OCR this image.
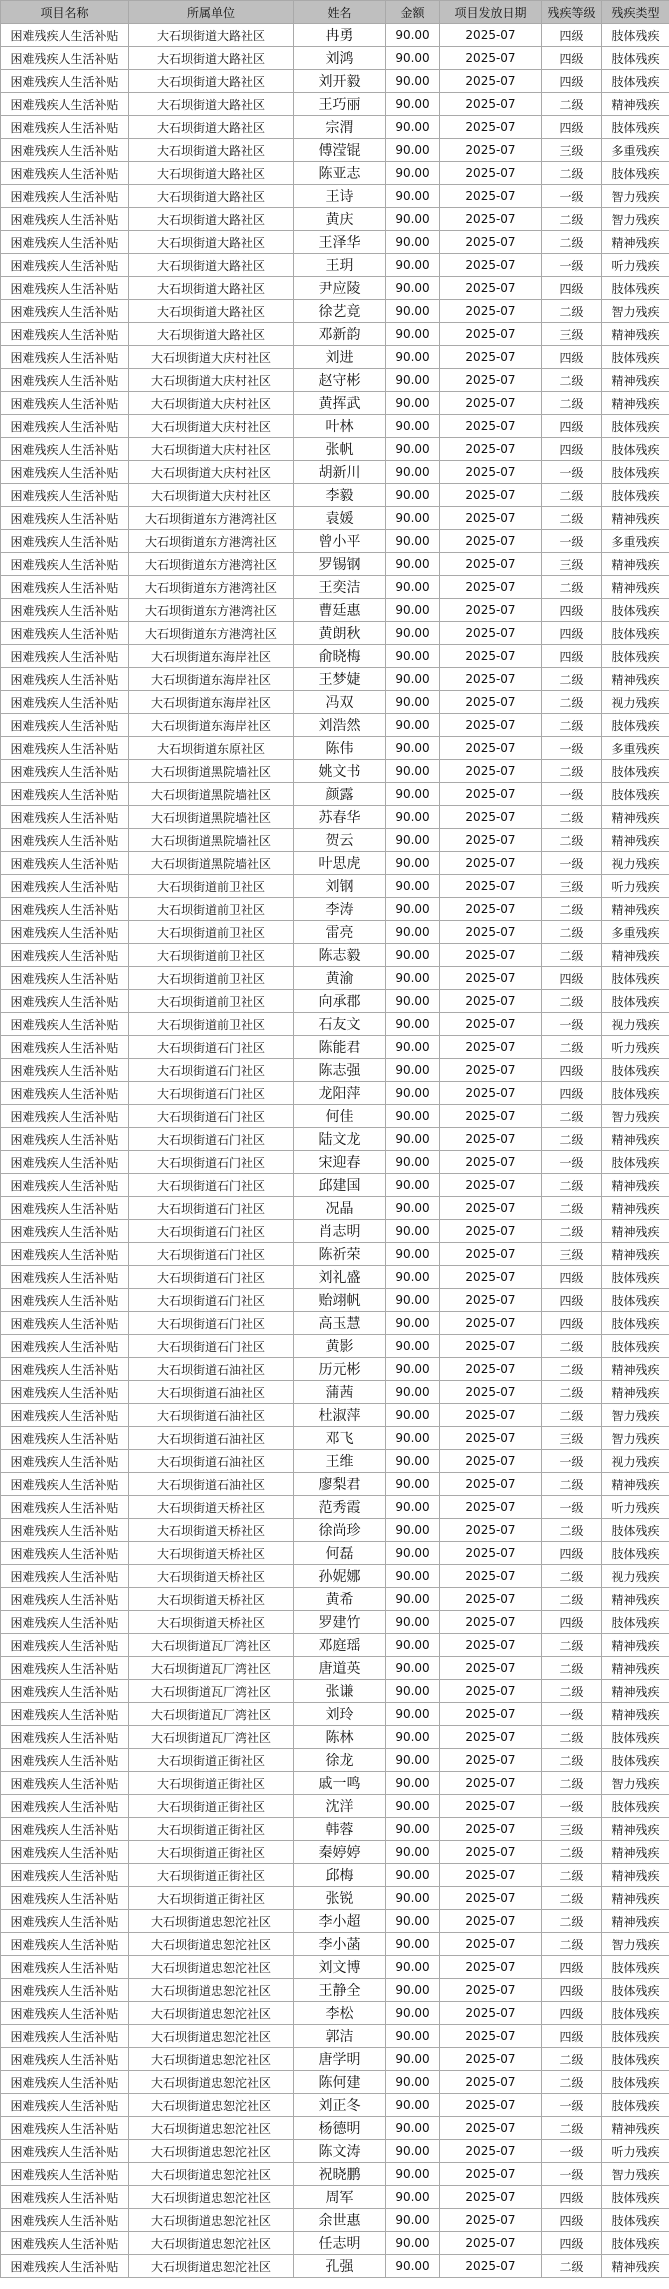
项目名称	所属单位	姓名	金额	项目发放日期	残疾等级	残疾类型
困难残疾人生活补贴	大石坝街道大路社区	冉勇	90.00	2025-07	四级	肢体残疾
困难残疾人生活补贴	大石坝街道大路社区	刘鸿	90.00	2025-07	四级	肢体残疾
困难残疾人生活补贴	大石坝街道大路社区	刘开毅	90.00	2025-07	四级	肢体残疾
困难残疾人生活补贴	大石坝街道大路社区	王巧丽	90.00	2025-07	二级	精神残疾
困难残疾人生活补贴	大石坝街道大路社区	宗渭	90.00	2025-07	四级	肢体残疾
困难残疾人生活补贴	大石坝街道大路社区	傅滢锟	90.00	2025-07	三级	多重残疾
困难残疾人生活补贴	大石坝街道大路社区	陈亚志	90.00	2025-07	二级	肢体残疾
困难残疾人生活补贴	大石坝街道大路社区	王诗	90.00	2025-07	一级	智力残疾
困难残疾人生活补贴	大石坝街道大路社区	黄庆	90.00	2025-07	二级	智力残疾
困难残疾人生活补贴	大石坝街道大路社区	王泽华	90.00	2025-07	二级	精神残疾
困难残疾人生活补贴	大石坝街道大路社区	王玥	90.00	2025-07	一级	听力残疾
困难残疾人生活补贴	大石坝街道大路社区	尹应陵	90.00	2025-07	四级	肢体残疾
困难残疾人生活补贴	大石坝街道大路社区	徐艺竟	90.00	2025-07	二级	智力残疾
困难残疾人生活补贴	大石坝街道大路社区	邓新韵	90.00	2025-07	三级	精神残疾
困难残疾人生活补贴	大石坝街道大庆村社区	刘进	90.00	2025-07	四级	肢体残疾
困难残疾人生活补贴	大石坝街道大庆村社区	赵守彬	90.00	2025-07	二级	精神残疾
困难残疾人生活补贴	大石坝街道大庆村社区	黄挥武	90.00	2025-07	二级	精神残疾
困难残疾人生活补贴	大石坝街道大庆村社区	叶林	90.00	2025-07	四级	肢体残疾
困难残疾人生活补贴	大石坝街道大庆村社区	张帆	90.00	2025-07	四级	肢体残疾
困难残疾人生活补贴	大石坝街道大庆村社区	胡新川	90.00	2025-07	一级	肢体残疾
困难残疾人生活补贴	大石坝街道大庆村社区	李毅	90.00	2025-07	二级	肢体残疾
困难残疾人生活补贴	大石坝街道东方港湾社区	袁媛	90.00	2025-07	二级	精神残疾
困难残疾人生活补贴	大石坝街道东方港湾社区	曾小平	90.00	2025-07	一级	多重残疾
困难残疾人生活补贴	大石坝街道东方港湾社区	罗锡钢	90.00	2025-07	三级	精神残疾
困难残疾人生活补贴	大石坝街道东方港湾社区	王奕洁	90.00	2025-07	二级	精神残疾
困难残疾人生活补贴	大石坝街道东方港湾社区	曹廷惠	90.00	2025-07	四级	肢体残疾
困难残疾人生活补贴	大石坝街道东方港湾社区	黄朗秋	90.00	2025-07	四级	肢体残疾
困难残疾人生活补贴	大石坝街道东海岸社区	俞晓梅	90.00	2025-07	四级	肢体残疾
困难残疾人生活补贴	大石坝街道东海岸社区	王梦婕	90.00	2025-07	二级	精神残疾
困难残疾人生活补贴	大石坝街道东海岸社区	冯双	90.00	2025-07	二级	视力残疾
困难残疾人生活补贴	大石坝街道东海岸社区	刘浩然	90.00	2025-07	二级	肢体残疾
困难残疾人生活补贴	大石坝街道东原社区	陈伟	90.00	2025-07	一级	多重残疾
困难残疾人生活补贴	大石坝街道黑院墙社区	姚文书	90.00	2025-07	二级	肢体残疾
困难残疾人生活补贴	大石坝街道黑院墙社区	颜露	90.00	2025-07	一级	肢体残疾
困难残疾人生活补贴	大石坝街道黑院墙社区	苏春华	90.00	2025-07	二级	精神残疾
困难残疾人生活补贴	大石坝街道黑院墙社区	贺云	90.00	2025-07	二级	精神残疾
困难残疾人生活补贴	大石坝街道黑院墙社区	叶思虎	90.00	2025-07	一级	视力残疾
困难残疾人生活补贴	大石坝街道前卫社区	刘钢	90.00	2025-07	三级	听力残疾
困难残疾人生活补贴	大石坝街道前卫社区	李涛	90.00	2025-07	二级	精神残疾
困难残疾人生活补贴	大石坝街道前卫社区	雷亮	90.00	2025-07	二级	多重残疾
困难残疾人生活补贴	大石坝街道前卫社区	陈志毅	90.00	2025-07	二级	精神残疾
困难残疾人生活补贴	大石坝街道前卫社区	黄渝	90.00	2025-07	四级	肢体残疾
困难残疾人生活补贴	大石坝街道前卫社区	向承郡	90.00	2025-07	二级	肢体残疾
困难残疾人生活补贴	大石坝街道前卫社区	石友文	90.00	2025-07	一级	视力残疾
困难残疾人生活补贴	大石坝街道石门社区	陈能君	90.00	2025-07	二级	听力残疾
困难残疾人生活补贴	大石坝街道石门社区	陈志强	90.00	2025-07	四级	肢体残疾
困难残疾人生活补贴	大石坝街道石门社区	龙阳萍	90.00	2025-07	四级	肢体残疾
困难残疾人生活补贴	大石坝街道石门社区	何佳	90.00	2025-07	二级	智力残疾
困难残疾人生活补贴	大石坝街道石门社区	陆文龙	90.00	2025-07	二级	精神残疾
困难残疾人生活补贴	大石坝街道石门社区	宋迎春	90.00	2025-07	一级	肢体残疾
困难残疾人生活补贴	大石坝街道石门社区	邱建国	90.00	2025-07	二级	精神残疾
困难残疾人生活补贴	大石坝街道石门社区	况晶	90.00	2025-07	二级	精神残疾
困难残疾人生活补贴	大石坝街道石门社区	肖志明	90.00	2025-07	二级	精神残疾
困难残疾人生活补贴	大石坝街道石门社区	陈祈荣	90.00	2025-07	三级	精神残疾
困难残疾人生活补贴	大石坝街道石门社区	刘礼盛	90.00	2025-07	四级	肢体残疾
困难残疾人生活补贴	大石坝街道石门社区	贻翊帆	90.00	2025-07	四级	肢体残疾
困难残疾人生活补贴	大石坝街道石门社区	高玉慧	90.00	2025-07	四级	肢体残疾
困难残疾人生活补贴	大石坝街道石门社区	黄影	90.00	2025-07	二级	肢体残疾
困难残疾人生活补贴	大石坝街道石油社区	历元彬	90.00	2025-07	二级	精神残疾
困难残疾人生活补贴	大石坝街道石油社区	蒲茜	90.00	2025-07	二级	精神残疾
困难残疾人生活补贴	大石坝街道石油社区	杜淑萍	90.00	2025-07	二级	智力残疾
困难残疾人生活补贴	大石坝街道石油社区	邓飞	90.00	2025-07	三级	智力残疾
困难残疾人生活补贴	大石坝街道石油社区	王维	90.00	2025-07	一级	视力残疾
困难残疾人生活补贴	大石坝街道石油社区	廖梨君	90.00	2025-07	二级	精神残疾
困难残疾人生活补贴	大石坝街道天桥社区	范秀霞	90.00	2025-07	一级	听力残疾
困难残疾人生活补贴	大石坝街道天桥社区	徐尚珍	90.00	2025-07	二级	肢体残疾
困难残疾人生活补贴	大石坝街道天桥社区	何磊	90.00	2025-07	四级	肢体残疾
困难残疾人生活补贴	大石坝街道天桥社区	孙妮娜	90.00	2025-07	二级	视力残疾
困难残疾人生活补贴	大石坝街道天桥社区	黄希	90.00	2025-07	二级	精神残疾
困难残疾人生活补贴	大石坝街道天桥社区	罗建竹	90.00	2025-07	四级	肢体残疾
困难残疾人生活补贴	大石坝街道瓦厂湾社区	邓庭瑶	90.00	2025-07	二级	精神残疾
困难残疾人生活补贴	大石坝街道瓦厂湾社区	唐道英	90.00	2025-07	二级	精神残疾
困难残疾人生活补贴	大石坝街道瓦厂湾社区	张谦	90.00	2025-07	二级	精神残疾
困难残疾人生活补贴	大石坝街道瓦厂湾社区	刘玲	90.00	2025-07	一级	精神残疾
困难残疾人生活补贴	大石坝街道瓦厂湾社区	陈林	90.00	2025-07	二级	肢体残疾
困难残疾人生活补贴	大石坝街道正街社区	徐龙	90.00	2025-07	二级	肢体残疾
困难残疾人生活补贴	大石坝街道正街社区	戚一鸣	90.00	2025-07	二级	智力残疾
困难残疾人生活补贴	大石坝街道正街社区	沈洋	90.00	2025-07	一级	肢体残疾
困难残疾人生活补贴	大石坝街道正街社区	韩蓉	90.00	2025-07	三级	精神残疾
困难残疾人生活补贴	大石坝街道正街社区	秦婷婷	90.00	2025-07	二级	精神残疾
困难残疾人生活补贴	大石坝街道正街社区	邱梅	90.00	2025-07	二级	精神残疾
困难残疾人生活补贴	大石坝街道正街社区	张锐	90.00	2025-07	二级	精神残疾
困难残疾人生活补贴	大石坝街道忠恕沱社区	李小超	90.00	2025-07	二级	精神残疾
困难残疾人生活补贴	大石坝街道忠恕沱社区	李小菡	90.00	2025-07	二级	智力残疾
困难残疾人生活补贴	大石坝街道忠恕沱社区	刘文博	90.00	2025-07	四级	肢体残疾
困难残疾人生活补贴	大石坝街道忠恕沱社区	王静全	90.00	2025-07	四级	肢体残疾
困难残疾人生活补贴	大石坝街道忠恕沱社区	李松	90.00	2025-07	四级	肢体残疾
困难残疾人生活补贴	大石坝街道忠恕沱社区	郭洁	90.00	2025-07	四级	肢体残疾
困难残疾人生活补贴	大石坝街道忠恕沱社区	唐学明	90.00	2025-07	二级	肢体残疾
困难残疾人生活补贴	大石坝街道忠恕沱社区	陈何建	90.00	2025-07	二级	肢体残疾
困难残疾人生活补贴	大石坝街道忠恕沱社区	刘正冬	90.00	2025-07	一级	肢体残疾
困难残疾人生活补贴	大石坝街道忠恕沱社区	杨德明	90.00	2025-07	二级	精神残疾
困难残疾人生活补贴	大石坝街道忠恕沱社区	陈文涛	90.00	2025-07	一级	听力残疾
困难残疾人生活补贴	大石坝街道忠恕沱社区	祝晓鹏	90.00	2025-07	一级	智力残疾
困难残疾人生活补贴	大石坝街道忠恕沱社区	周军	90.00	2025-07	四级	肢体残疾
困难残疾人生活补贴	大石坝街道忠恕沱社区	余世惠	90.00	2025-07	四级	肢体残疾
困难残疾人生活补贴	大石坝街道忠恕沱社区	任志明	90.00	2025-07	四级	肢体残疾
困难残疾人生活补贴	大石坝街道忠恕沱社区	孔强	90.00	2025-07	二级	精神残疾
